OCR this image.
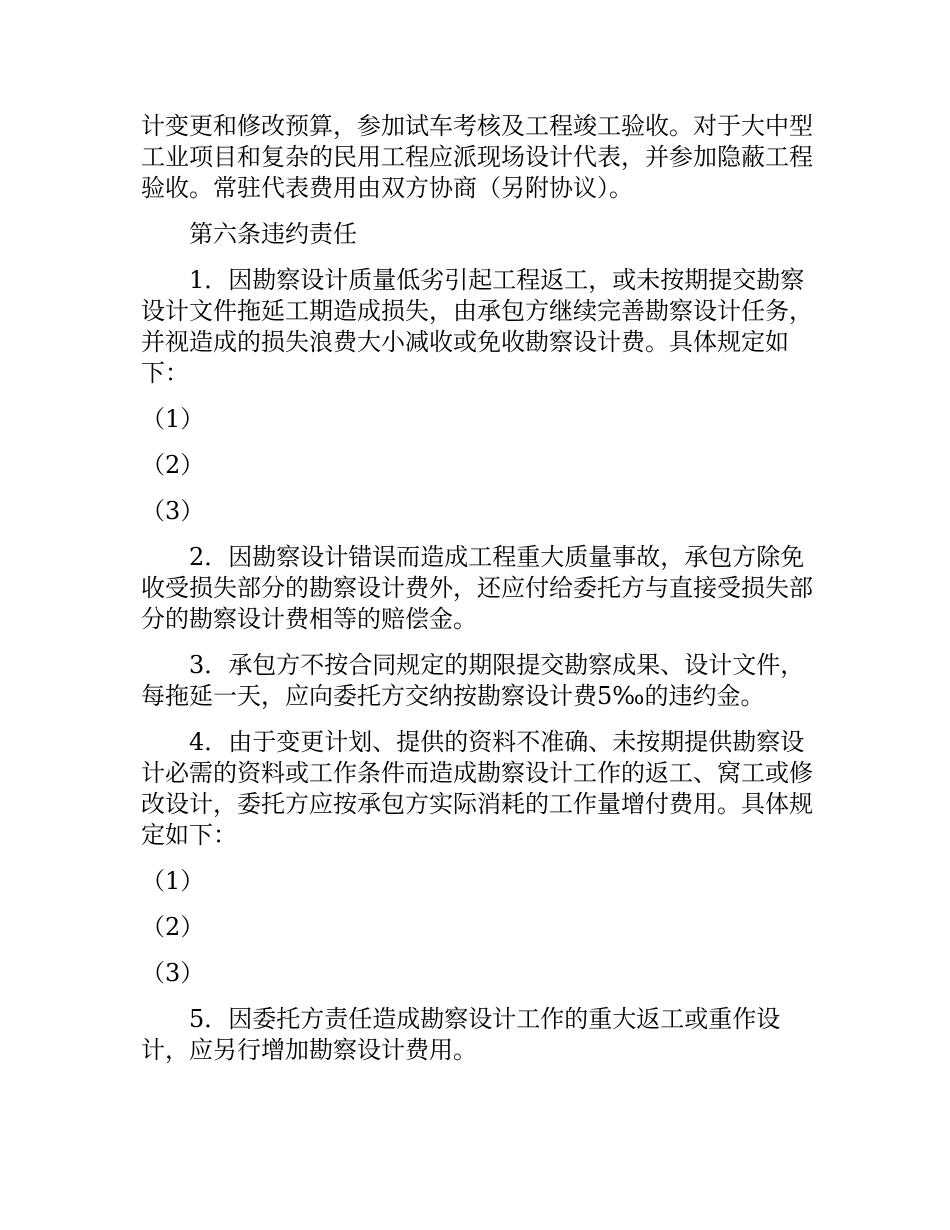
计变更和修改预算，参加试车考核及工程竣工验收。对于大中型工业项目和复杂的民用工程应派现场设计代表，并参加隐蔽工程验收。常驻代表费用由双方协商（另附协议）。

第六条违约责任

1．因勘察设计质量低劣引起工程返工，或未按期提交勘察设计文件拖延工期造成损失，由承包方继续完善勘察设计任务，并视造成的损失浪费大小减收或免收勘察设计费。具体规定如下：

（1）

（2）

（3）

2．因勘察设计错误而造成工程重大质量事故，承包方除免收受损失部分的勘察设计费外，还应付给委托方与直接受损失部分的勘察设计费相等的赔偿金。

3．承包方不按合同规定的期限提交勘察成果、设计文件，每拖延一天，应向委托方交纳按勘察设计费5‰的违约金。

4．由于变更计划、提供的资料不准确、未按期提供勘察设计必需的资料或工作条件而造成勘察设计工作的返工、窝工或修改设计，委托方应按承包方实际消耗的工作量增付费用。具体规定如下：

（1）

（2）

（3）

5．因委托方责任造成勘察设计工作的重大返工或重作设计，应另行增加勘察设计费用。
